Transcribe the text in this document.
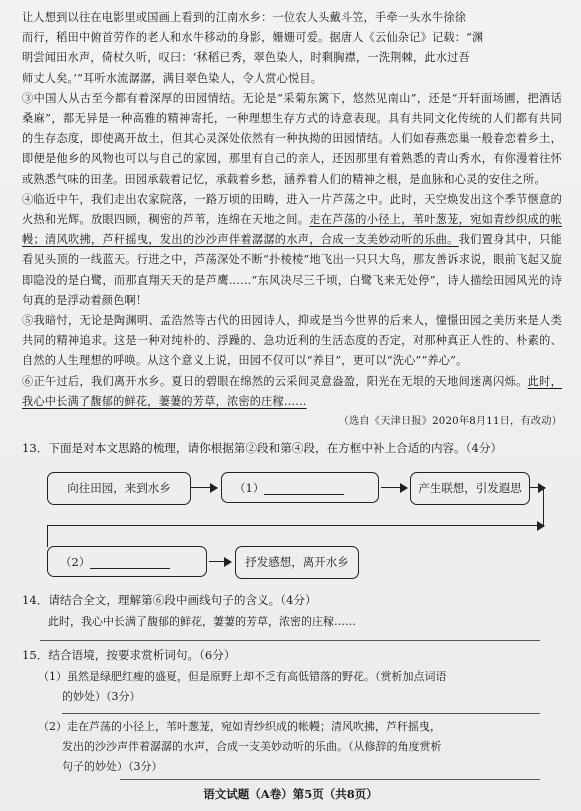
让人想到以往在电影里或国画上看到的江南水乡：一位农人头戴斗笠，手牵一头水牛徐徐

而行，稻田中俯首劳作的老人和水牛移动的身影，姗姗可爱。据唐人《云仙杂记》记载：“渊

明尝闻田水声，倚杖久听，叹曰：‘秫稻已秀，翠色染人，时剩胸襟，一洗荆棘，此水过吾

师丈人矣。’”耳听水流潺潺，满目翠色染人，令人赏心悦目。

③中国人从古至今都有着深厚的田园情结。无论是“采菊东篱下，悠然见南山”，还是“开轩面场圃，把酒话桑麻”，都无异是一种高雅的精神寄托，一种理想生存方式的诗意表现。具有共同文化传统的人们都有共同的生存态度，即使离开故土，但其心灵深处依然有一种执拗的田园情结。人们如春燕恋巢一般眷恋着乡土，即便是他乡的风物也可以与自己的家园，那里有自己的亲人，还因那里有着熟悉的青山秀水，有你漫着往怀或熟悉气味的田垄。田园承载着记忆，承载着乡愁，涵养着人们的精神之根，是血脉和心灵的安住之所。

④临近中午，我们走出农家院落，一路万顷的田畴，进入一片芦荡之中。此时，天空焕发出这个季节惬意的火热和光辉。放眼四顾，稠密的芦苇，连绵在天地之间。走在芦荡的小径上，苇叶葱茏，宛如青纱织成的帐幔；清风吹拂，芦秆摇曳，发出的沙沙声伴着潺潺的水声，合成一支美妙动听的乐曲。我们置身其中，只能看见头顶的一线蓝天。行进之中，芦荡深处不断“扑棱棱”地飞出一只只大鸟，那友善诉求说，眼前飞起又旋即隐没的是白鹭，而那直翔天天的是芦鹰……“东风决尽三千顷，白鹭飞来无处停”，诗人描绘田园风光的诗句真的是浮动着颜色啊！

⑤我暗忖，无论是陶渊明、孟浩然等古代的田园诗人，抑或是当今世界的后来人，憧憬田园之美历来是人类共同的精神追求。这是一种对纯朴的、浮躁的、急功近利的生活态度的否定，对那种真正人性的、朴素的、自然的人生理想的呼唤。从这个意义上说，田园不仅可以“养目”，更可以“洗心”“养心”。

⑥正午过后，我们离开水乡。夏日的碧眼在绵然的云采间灵意盎盈，阳光在无垠的天地间迷离闪烁。此时，我心中长满了馥郁的鲜花，萋萋的芳草，浓密的庄稼……

（选自《天津日报》2020年8月11日，有改动）

13．下面是对本文思路的梳理，请你根据第②段和第④段，在方框中补上合适的内容。（4分）
向往田园，来到水乡	（1）	产生联想，引发遐思
（2）	抒发感想，离开水乡
14．请结合全文，理解第⑥段中画线句子的含义。（4分）
此时，我心中长满了馥郁的鲜花，萋萋的芳草，浓密的庄稼……
15．结合语境，按要求赏析词句。（6分）
（1）虽然是绿肥红瘦的盛夏，但是原野上却不乏有高低错落的野花。（赏析加点词语
的妙处）（3分）
（2）走在芦荡的小径上，苇叶葱茏，宛如青纱织成的帐幔；清风吹拂，芦秆摇曳，
发出的沙沙声伴着潺潺的水声，合成一支美妙动听的乐曲。（从修辞的角度赏析
句子的妙处）（3分）
语文试题（A卷）第5页（共8页）
